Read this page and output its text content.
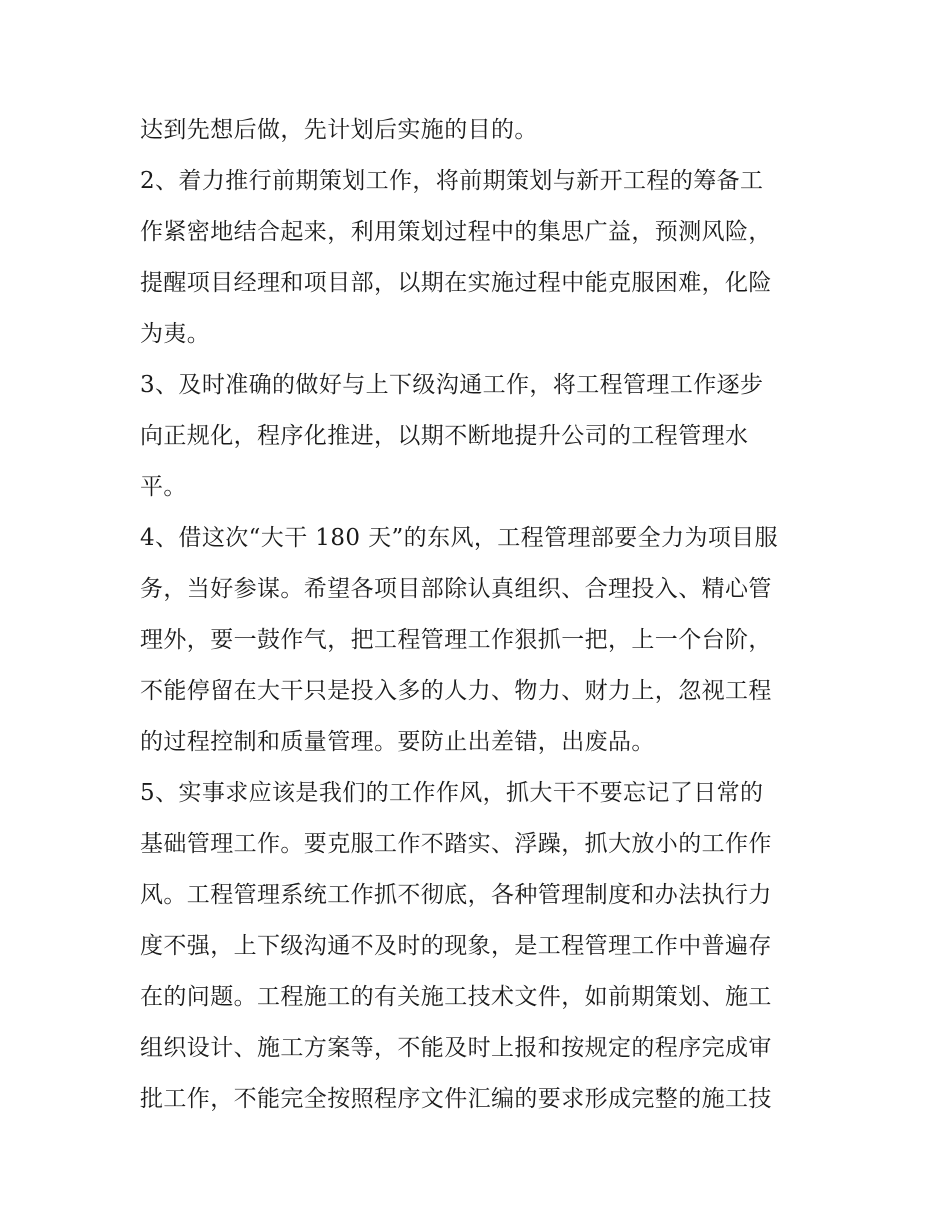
达到先想后做，先计划后实施的目的。
2、着力推行前期策划工作，将前期策划与新开工程的筹备工
作紧密地结合起来，利用策划过程中的集思广益，预测风险，
提醒项目经理和项目部，以期在实施过程中能克服困难，化险
为夷。
3、及时准确的做好与上下级沟通工作，将工程管理工作逐步
向正规化，程序化推进，以期不断地提升公司的工程管理水
平。
4、借这次“大干 180 天”的东风，工程管理部要全力为项目服
务，当好参谋。希望各项目部除认真组织、合理投入、精心管
理外，要一鼓作气，把工程管理工作狠抓一把，上一个台阶，
不能停留在大干只是投入多的人力、物力、财力上，忽视工程
的过程控制和质量管理。要防止出差错，出废品。
5、实事求应该是我们的工作作风，抓大干不要忘记了日常的
基础管理工作。要克服工作不踏实、浮躁，抓大放小的工作作
风。工程管理系统工作抓不彻底，各种管理制度和办法执行力
度不强，上下级沟通不及时的现象，是工程管理工作中普遍存
在的问题。工程施工的有关施工技术文件，如前期策划、施工
组织设计、施工方案等，不能及时上报和按规定的程序完成审
批工作，不能完全按照程序文件汇编的要求形成完整的施工技
